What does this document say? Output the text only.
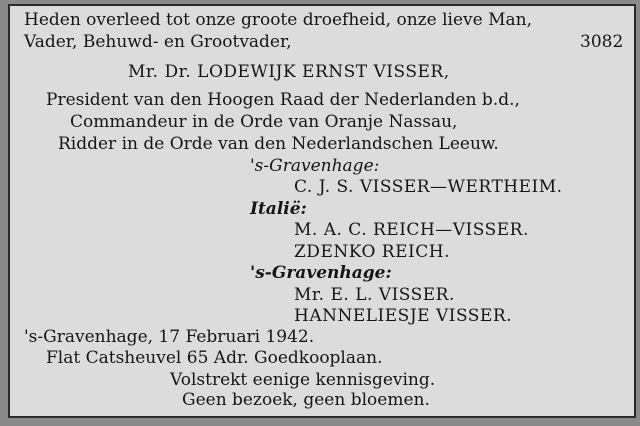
Heden overleed tot onze groote droefheid, onze lieve Man,
Vader, Behuwd- en Grootvader,	3082
Mr. Dr. LODEWIJK ERNST VISSER,
President van den Hoogen Raad der Nederlanden b.d.,
Commandeur in de Orde van Oranje Nassau,
Ridder in de Orde van den Nederlandschen Leeuw.
's-Gravenhage:
C. J. S. VISSER—WERTHEIM.
Italië:
M. A. C. REICH—VISSER.
ZDENKO REICH.
's-Gravenhage:
Mr. E. L. VISSER.
HANNELIESJE VISSER.
's-Gravenhage, 17 Februari 1942.
Flat Catsheuvel 65 Adr. Goedkooplaan.
Volstrekt eenige kennisgeving.
Geen bezoek, geen bloemen.
